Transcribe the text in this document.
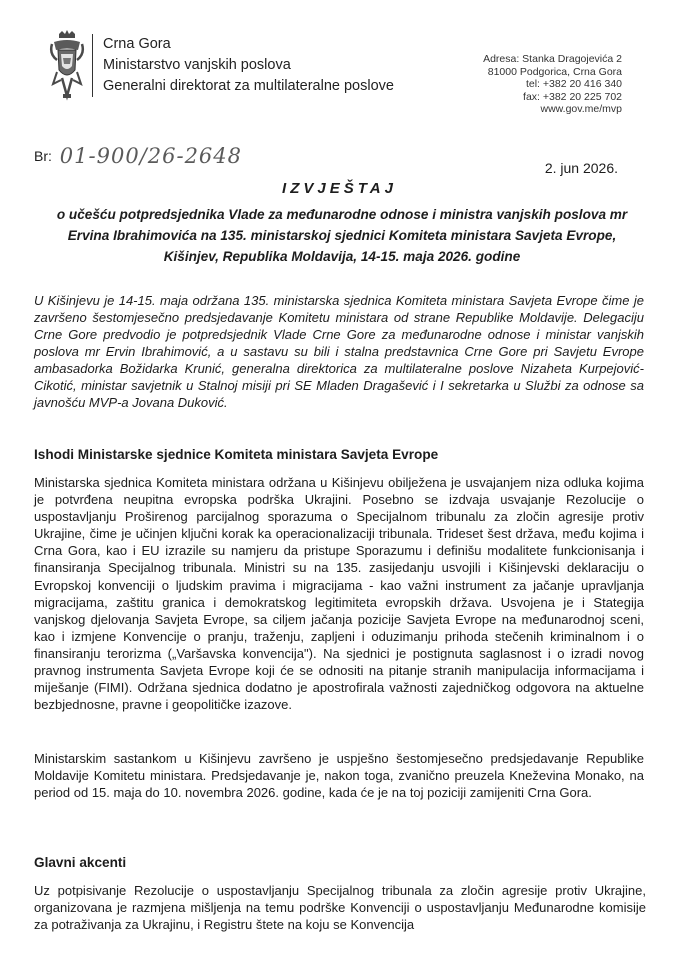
Crna Gora
Ministarstvo vanjskih poslova
Generalni direktorat za multilateralne poslove
Adresa: Stanka Dragojevića 2
81000 Podgorica, Crna Gora
tel: +382 20 416 340
fax: +382 20 225 702
www.gov.me/mvp
Br: 01-900/26-2648	2. jun 2026.
IZVJEŠTAJ
o učešću potpredsjednika Vlade za međunarodne odnose i ministra vanjskih poslova mr Ervina Ibrahimovića na 135. ministarskoj sjednici Komiteta ministara Savjeta Evrope, Kišinjev, Republika Moldavija, 14-15. maja 2026. godine

U Kišinjevu je 14-15. maja održana 135. ministarska sjednica Komiteta ministara Savjeta Evrope čime je završeno šestomjesečno predsjedavanje Komitetu ministara od strane Republike Moldavije. Delegaciju Crne Gore predvodio je potpredsjednik Vlade Crne Gore za međunarodne odnose i ministar vanjskih poslova mr Ervin Ibrahimović, a u sastavu su bili i stalna predstavnica Crne Gore pri Savjetu Evrope ambasadorka Božidarka Krunić, generalna direktorica za multilateralne poslove Nizaheta Kurpejović-Cikotić, ministar savjetnik u Stalnoj misiji pri SE Mladen Dragašević i I sekretarka u Službi za odnose sa javnošću MVP-a Jovana Duković.

Ishodi Ministarske sjednice Komiteta ministara Savjeta Evrope

Ministarska sjednica Komiteta ministara održana u Kišinjevu obilježena je usvajanjem niza odluka kojima je potvrđena neupitna evropska podrška Ukrajini. Posebno se izdvaja usvajanje Rezolucije o uspostavljanju Proširenog parcijalnog sporazuma o Specijalnom tribunalu za zločin agresije protiv Ukrajine, čime je učinjen ključni korak ka operacionalizaciji tribunala. Trideset šest država, među kojima i Crna Gora, kao i EU izrazile su namjeru da pristupe Sporazumu i definišu modalitete funkcionisanja i finansiranja Specijalnog tribunala. Ministri su na 135. zasijedanju usvojili i Kišinjevski deklaraciju o Evropskoj konvenciji o ljudskim pravima i migracijama - kao važni instrument za jačanje upravljanja migracijama, zaštitu granica i demokratskog legitimiteta evropskih država. Usvojena je i Stategija vanjskog djelovanja Savjeta Evrope, sa ciljem jačanja pozicije Savjeta Evrope na međunarodnoj sceni, kao i izmjene Konvencije o pranju, traženju, zapljeni i oduzimanju prihoda stečenih kriminalnom i o finansiranju terorizma („Varšavska konvencija"). Na sjednici je postignuta saglasnost i o izradi novog pravnog instrumenta Savjeta Evrope koji će se odnositi na pitanje stranih manipulacija informacijama i miješanje (FIMI). Održana sjednica dodatno je apostrofirala važnosti zajedničkog odgovora na aktuelne bezbjednosne, pravne i geopolitičke izazove.

Ministarskim sastankom u Kišinjevu završeno je uspješno šestomjesečno predsjedavanje Republike Moldavije Komitetu ministara. Predsjedavanje je, nakon toga, zvanično preuzela Kneževina Monako, na period od 15. maja do 10. novembra 2026. godine, kada će je na toj poziciji zamijeniti Crna Gora.

Glavni akcenti

Uz potpisivanje Rezolucije o uspostavljanju Specijalnog tribunala za zločin agresije protiv Ukrajine, organizovana je razmjena mišljenja na temu podrške Konvenciji o uspostavljanju Međunarodne komisije za potraživanja za Ukrajinu, i Registru štete na koju se Konvencija
